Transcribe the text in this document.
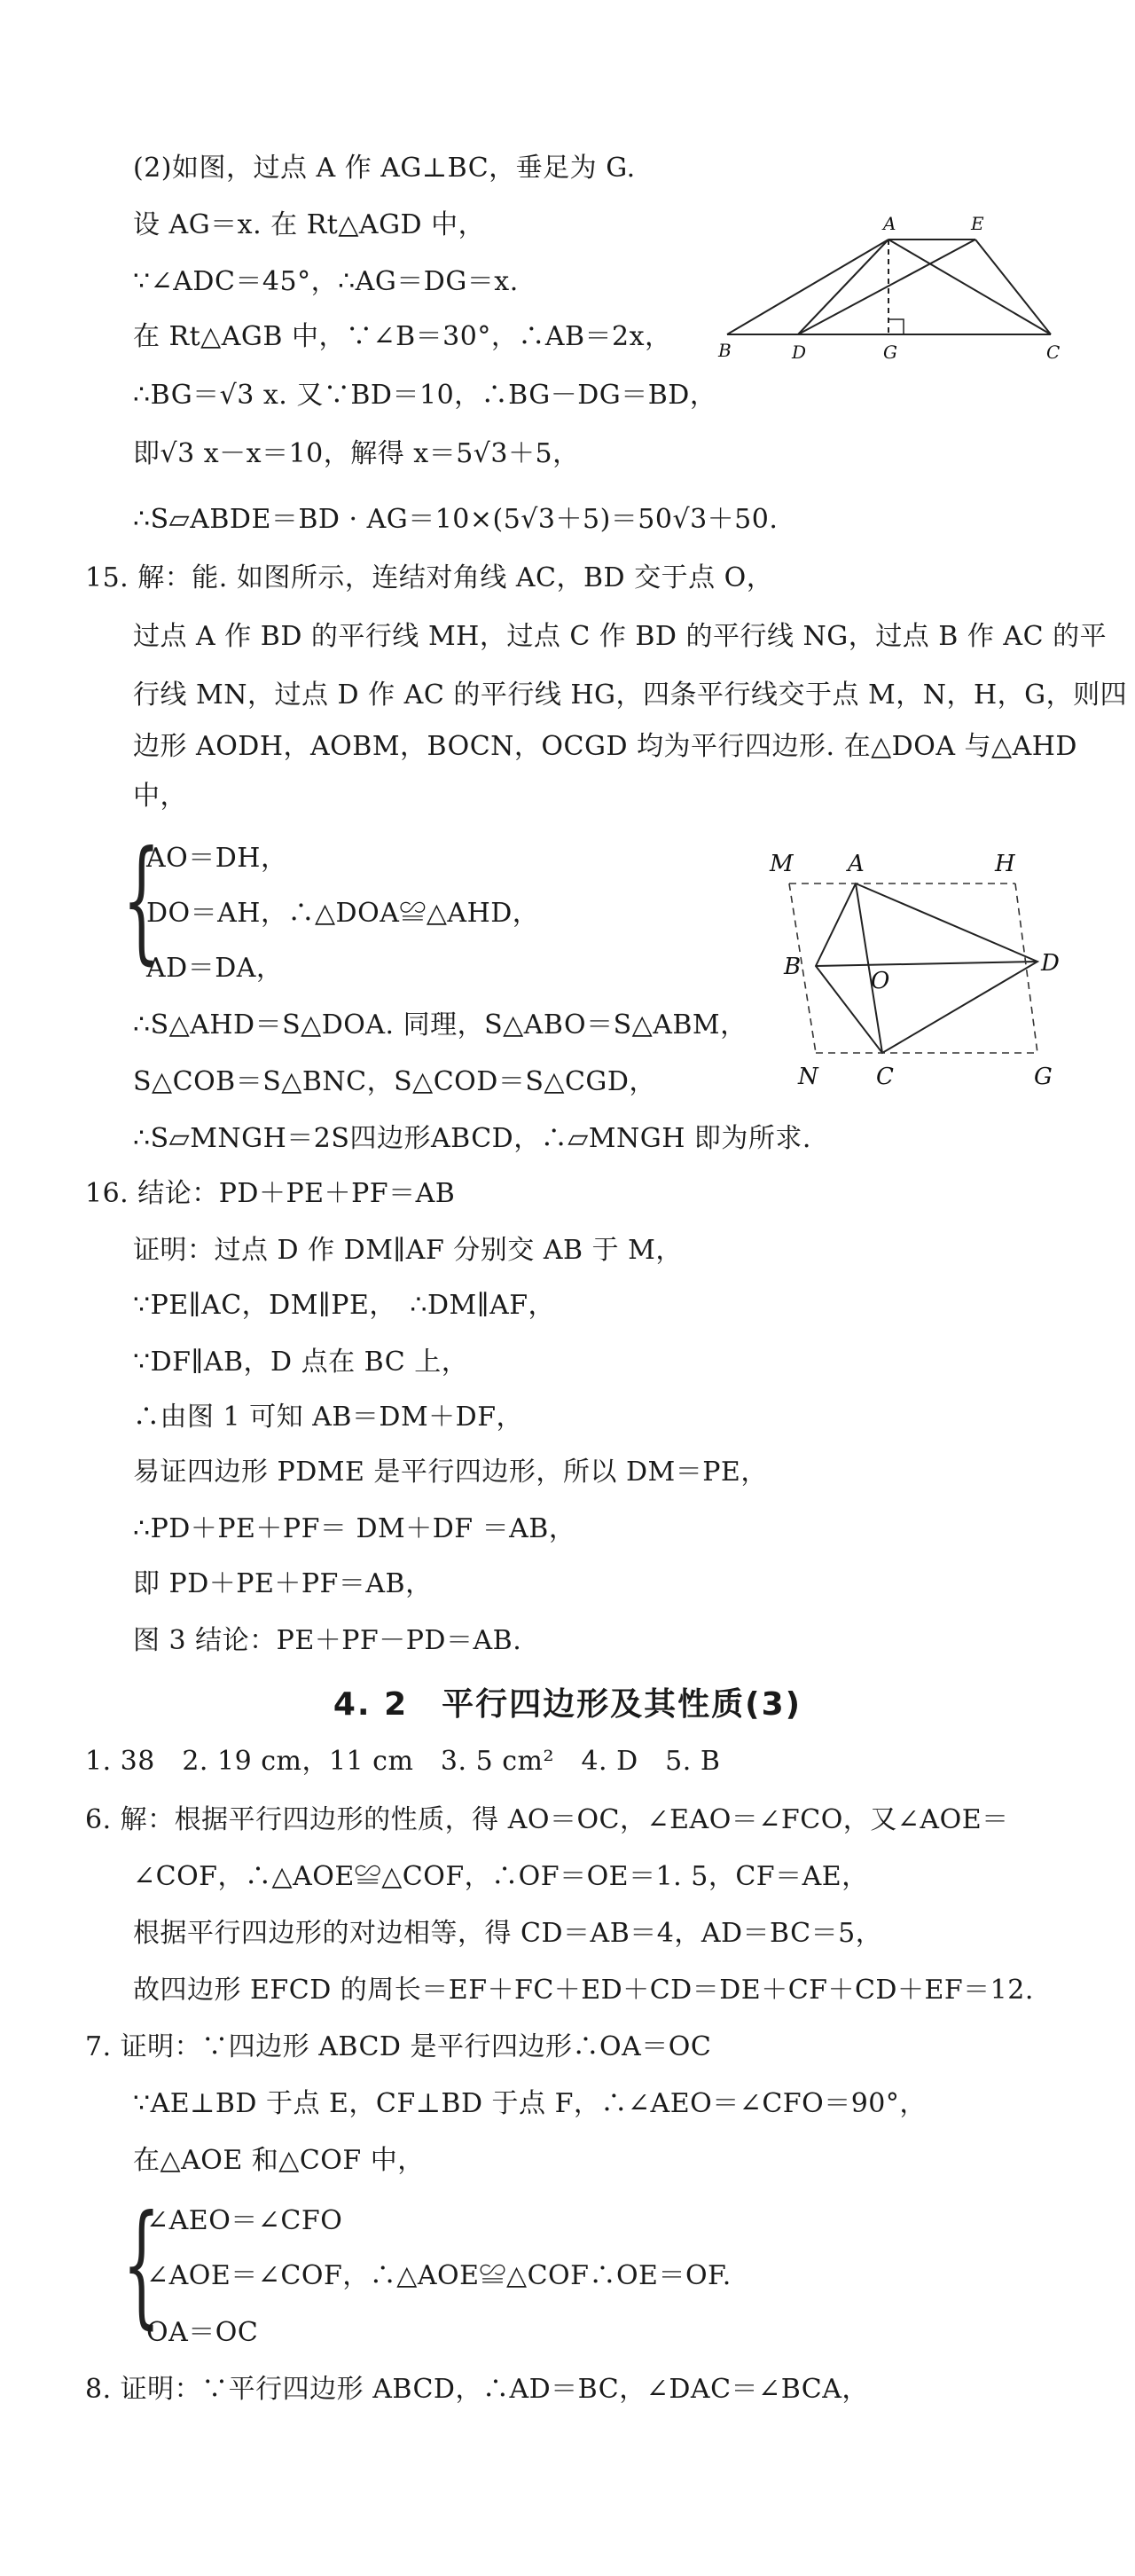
(2)如图，过点 A 作 AG⊥BC，垂足为 G.
设 AG＝x. 在 Rt△AGD 中，
∵∠ADC＝45°，∴AG＝DG＝x.
在 Rt△AGB 中，∵∠B＝30°，∴AB＝2x，
∴BG＝√3 x. 又∵BD＝10，∴BG－DG＝BD，
即√3 x－x＝10，解得 x＝5√3＋5，
∴S▱ABDE＝BD · AG＝10×(5√3＋5)＝50√3＋50.
A	E
B	D	G	C
15. 解：能. 如图所示，连结对角线 AC，BD 交于点 O，
过点 A 作 BD 的平行线 MH，过点 C 作 BD 的平行线 NG，过点 B 作 AC 的平
行线 MN，过点 D 作 AC 的平行线 HG，四条平行线交于点 M，N，H，G，则四
边形 AODH，AOBM，BOCN，OCGD 均为平行四边形. 在△DOA 与△AHD
中，
{
AO＝DH，
DO＝AH，∴△DOA≌△AHD，
AD＝DA，
∴S△AHD＝S△DOA. 同理，S△ABO＝S△ABM，
S△COB＝S△BNC，S△COD＝S△CGD，
∴S▱MNGH＝2S四边形ABCD，∴▱MNGH 即为所求.
M A	H
B
O
D
N	C	G
16. 结论：PD＋PE＋PF＝AB
证明：过点 D 作 DM∥AF 分别交 AB 于 M，
∵PE∥AC，DM∥PE，　∴DM∥AF，
∵DF∥AB，D 点在 BC 上，
∴由图 1 可知 AB＝DM＋DF，
易证四边形 PDME 是平行四边形，所以 DM＝PE，
∴PD＋PE＋PF＝ DM＋DF ＝AB，
即 PD＋PE＋PF＝AB，
图 3 结论：PE＋PF－PD＝AB.
4. 2　平行四边形及其性质(3)
1. 38　2. 19 cm，11 cm　3. 5 cm²　4. D　5. B
6. 解：根据平行四边形的性质，得 AO＝OC，∠EAO＝∠FCO，又∠AOE＝
∠COF，∴△AOE≌△COF，∴OF＝OE＝1. 5，CF＝AE，
根据平行四边形的对边相等，得 CD＝AB＝4，AD＝BC＝5，
故四边形 EFCD 的周长＝EF＋FC＋ED＋CD＝DE＋CF＋CD＋EF＝12.
7. 证明：∵四边形 ABCD 是平行四边形∴OA＝OC
∵AE⊥BD 于点 E，CF⊥BD 于点 F，∴∠AEO＝∠CFO＝90°，
在△AOE 和△COF 中，
{
∠AEO＝∠CFO
∠AOE＝∠COF，∴△AOE≌△COF∴OE＝OF.
OA＝OC
8. 证明：∵平行四边形 ABCD，∴AD＝BC，∠DAC＝∠BCA，
